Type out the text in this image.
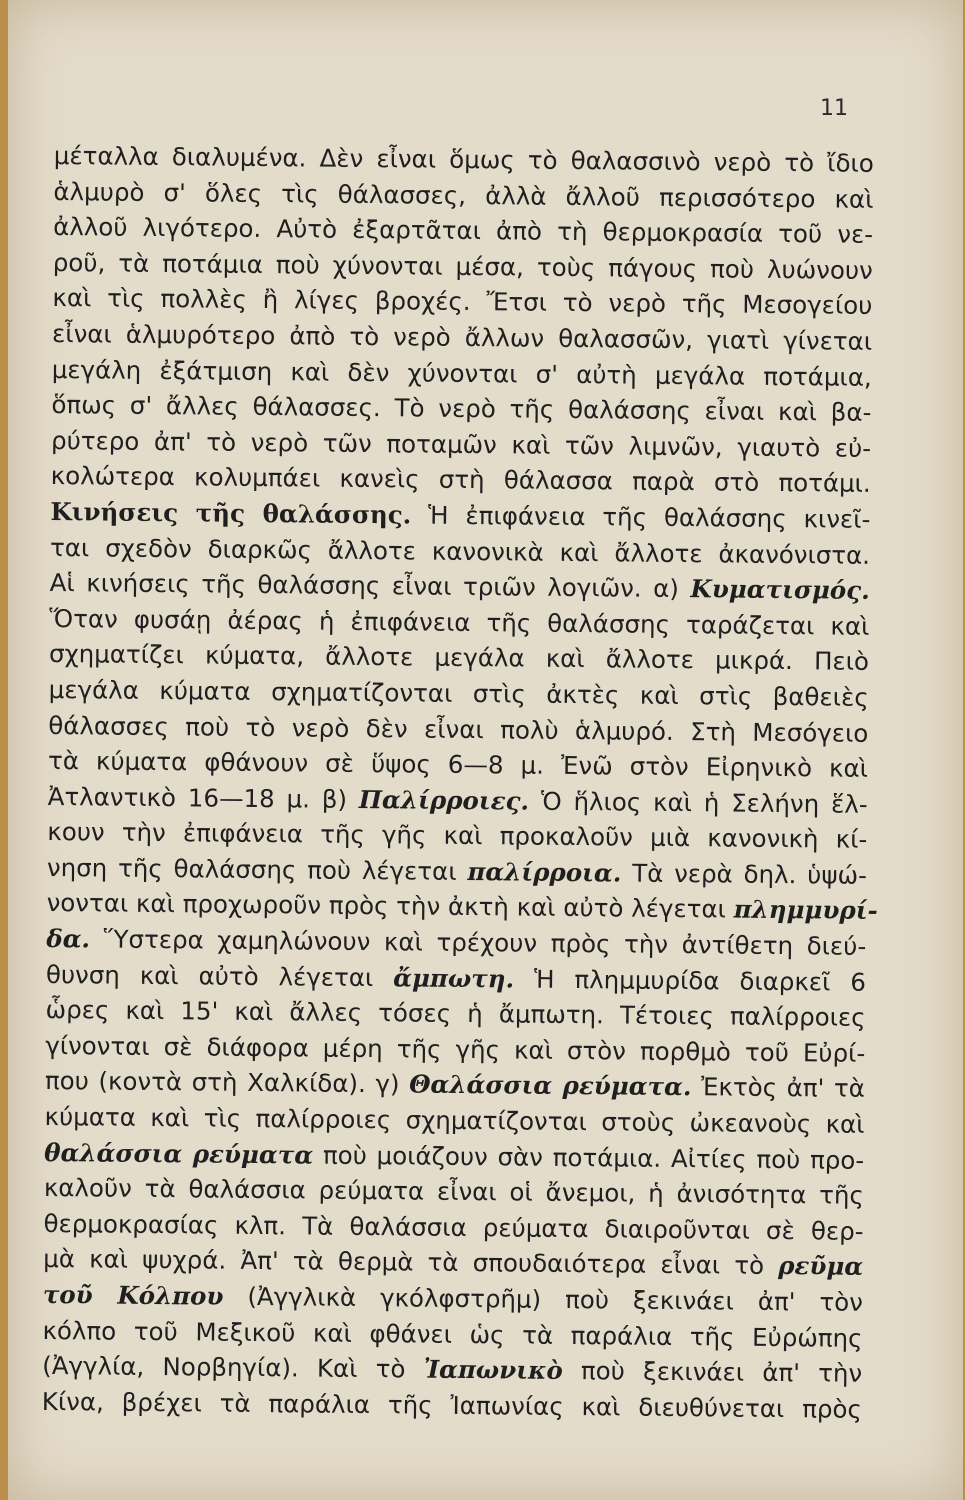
11
μέταλλα διαλυμένα. Δὲν εἶναι ὅμως τὸ θαλασσινὸ νερὸ τὸ ἴδιο
ἁλμυρὸ σ' ὅλες τὶς θάλασσες, ἀλλὰ ἄλλοῦ περισσότερο καὶ
ἀλλοῦ λιγότερο. Αὐτὸ ἐξαρτᾶται ἀπὸ τὴ θερμοκρασία τοῦ νε-
ροῦ, τὰ ποτάμια ποὺ χύνονται μέσα, τοὺς πάγους ποὺ λυώνουν
καὶ τὶς πολλὲς ἢ λίγες βροχές. Ἔτσι τὸ νερὸ τῆς Μεσογείου
εἶναι ἁλμυρότερο ἀπὸ τὸ νερὸ ἄλλων θαλασσῶν, γιατὶ γίνεται
μεγάλη ἐξάτμιση καὶ δὲν χύνονται σ' αὐτὴ μεγάλα ποτάμια,
ὅπως σ' ἄλλες θάλασσες. Τὸ νερὸ τῆς θαλάσσης εἶναι καὶ βα-
ρύτερο ἀπ' τὸ νερὸ τῶν ποταμῶν καὶ τῶν λιμνῶν, γιαυτὸ εὐ-
κολώτερα κολυμπάει κανεὶς στὴ θάλασσα παρὰ στὸ ποτάμι.
Κινήσεις τῆς θαλάσσης. Ἡ ἐπιφάνεια τῆς θαλάσσης κινεῖ-
ται σχεδὸν διαρκῶς ἄλλοτε κανονικὰ καὶ ἄλλοτε ἀκανόνιστα.
Αἱ κινήσεις τῆς θαλάσσης εἶναι τριῶν λογιῶν. α) Κυματισμός.
Ὅταν φυσάῃ ἀέρας ἡ ἐπιφάνεια τῆς θαλάσσης ταράζεται καὶ
σχηματίζει κύματα, ἄλλοτε μεγάλα καὶ ἄλλοτε μικρά. Πειὸ
μεγάλα κύματα σχηματίζονται στὶς ἀκτὲς καὶ στὶς βαθειὲς
θάλασσες ποὺ τὸ νερὸ δὲν εἶναι πολὺ ἁλμυρό. Στὴ Μεσόγειο
τὰ κύματα φθάνουν σὲ ὕψος 6—8 μ. Ἐνῶ στὸν Εἰρηνικὸ καὶ
Ἀτλαντικὸ 16—18 μ. β) Παλίρροιες. Ὁ ἥλιος καὶ ἡ Σελήνη ἕλ-
κουν τὴν ἐπιφάνεια τῆς γῆς καὶ προκαλοῦν μιὰ κανονικὴ κί-
νηση τῆς θαλάσσης ποὺ λέγεται παλίρροια. Τὰ νερὰ δηλ. ὑψώ-
νονται καὶ προχωροῦν πρὸς τὴν ἀκτὴ καὶ αὐτὸ λέγεται πλημμυρί-
δα. Ὕστερα χαμηλώνουν καὶ τρέχουν πρὸς τὴν ἀντίθετη διεύ-
θυνση καὶ αὐτὸ λέγεται ἄμπωτη. Ἡ πλημμυρίδα διαρκεῖ 6
ὧρες καὶ 15' καὶ ἄλλες τόσες ἡ ἄμπωτη. Τέτοιες παλίρροιες
γίνονται σὲ διάφορα μέρη τῆς γῆς καὶ στὸν πορθμὸ τοῦ Εὐρί-
που (κοντὰ στὴ Χαλκίδα). γ) Θαλάσσια ρεύματα. Ἐκτὸς ἀπ' τὰ
κύματα καὶ τὶς παλίρροιες σχηματίζονται στοὺς ὠκεανοὺς καὶ
θαλάσσια ρεύματα ποὺ μοιάζουν σὰν ποτάμια. Αἰτίες ποὺ προ-
καλοῦν τὰ θαλάσσια ρεύματα εἶναι οἱ ἄνεμοι, ἡ ἀνισότητα τῆς
θερμοκρασίας κλπ. Τὰ θαλάσσια ρεύματα διαιροῦνται σὲ θερ-
μὰ καὶ ψυχρά. Ἀπ' τὰ θερμὰ τὰ σπουδαιότερα εἶναι τὸ ρεῦμα
τοῦ Κόλπου (Ἀγγλικὰ γκόλφστρῆμ) ποὺ ξεκινάει ἀπ' τὸν
κόλπο τοῦ Μεξικοῦ καὶ φθάνει ὡς τὰ παράλια τῆς Εὐρώπης
(Ἀγγλία, Νορβηγία). Καὶ τὸ Ἰαπωνικὸ ποὺ ξεκινάει ἀπ' τὴν
Κίνα, βρέχει τὰ παράλια τῆς Ἰαπωνίας καὶ διευθύνεται πρὸς
